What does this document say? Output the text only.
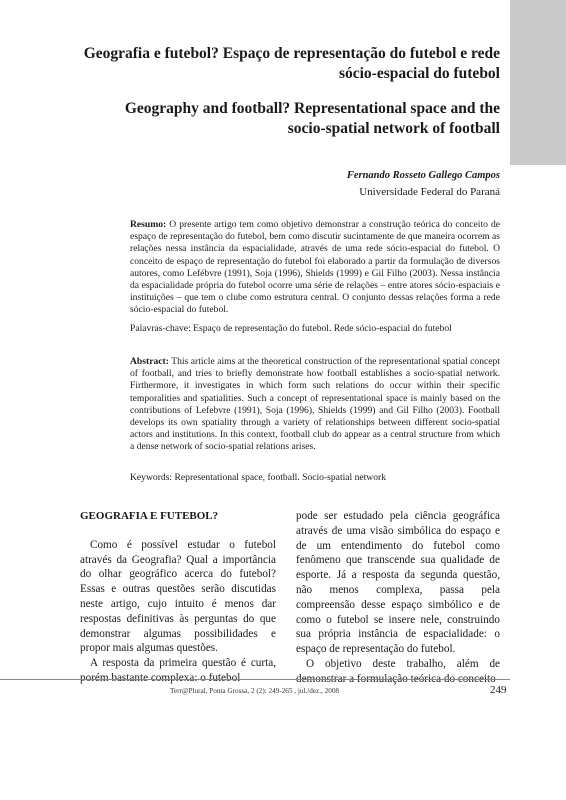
Geografia e futebol? Espaço de representação do futebol e rede
sócio-espacial do futebol
Geography and football? Representational space and the
socio-spatial network of football
Fernando Rosseto Gallego Campos
Universidade Federal do Paraná

Resumo: O presente artigo tem como objetivo demonstrar a construção teórica do conceito de espaço de representação do futebol, bem como discutir sucintamente de que maneira ocorrem as relações nessa instância da espacialidade, através de uma rede sócio-espacial do futebol. O conceito de espaço de representação do futebol foi elaborado a partir da formulação de diversos autores, como Lefébvre (1991), Soja (1996), Shields (1999) e Gil Filho (2003). Nessa instância da espacialidade própria do futebol ocorre uma série de relações – entre atores sócio-espaciais e instituições – que tem o clube como estrutura central. O conjunto dessas relações forma a rede sócio-espacial do futebol.

Palavras-chave: Espaço de representação do futebol. Rede sócio-espacial do futebol

Abstract: This article aims at the theoretical construction of the representational spatial concept of football, and tries to briefly demonstrate how football establishes a socio-spatial network. Firthermore, it investigates in which form such relations do occur within their specific temporalities and spatialities. Such a concept of representational space is mainly based on the contributions of Lefebvre (1991), Soja (1996), Shields (1999) and Gil Filho (2003). Football develops its own spatiality through a variety of relationships between different socio-spatial actors and institutions. In this context, football club do appear as a central structure from which a dense network of socio-spatial relations arises.

Keywords: Representational space, football. Socio-spatial network

GEOGRAFIA E FUTEBOL?

Como é possível estudar o futebol através da Geografia? Qual a importância do olhar geográfico acerca do futebol? Essas e outras questões serão discutidas neste artigo, cujo intuito é menos dar respostas definitivas às perguntas do que demonstrar algumas possibilidades e propor mais algumas questões.

A resposta da primeira questão é curta, porém bastante complexa: o futebol

pode ser estudado pela ciência geográfica através de uma visão simbólica do espaço e de um entendimento do futebol como fenômeno que transcende sua qualidade de esporte. Já a resposta da segunda questão, não menos complexa, passa pela compreensão desse espaço simbólico e de como o futebol se insere nele, construindo sua própria instância de espacialidade: o espaço de representação do futebol.

O objetivo deste trabalho, além de demonstrar a formulação teórica do conceito

Terr@Plural, Ponta Grossa, 2 (2): 249-265 , jul./dez., 2008	249
